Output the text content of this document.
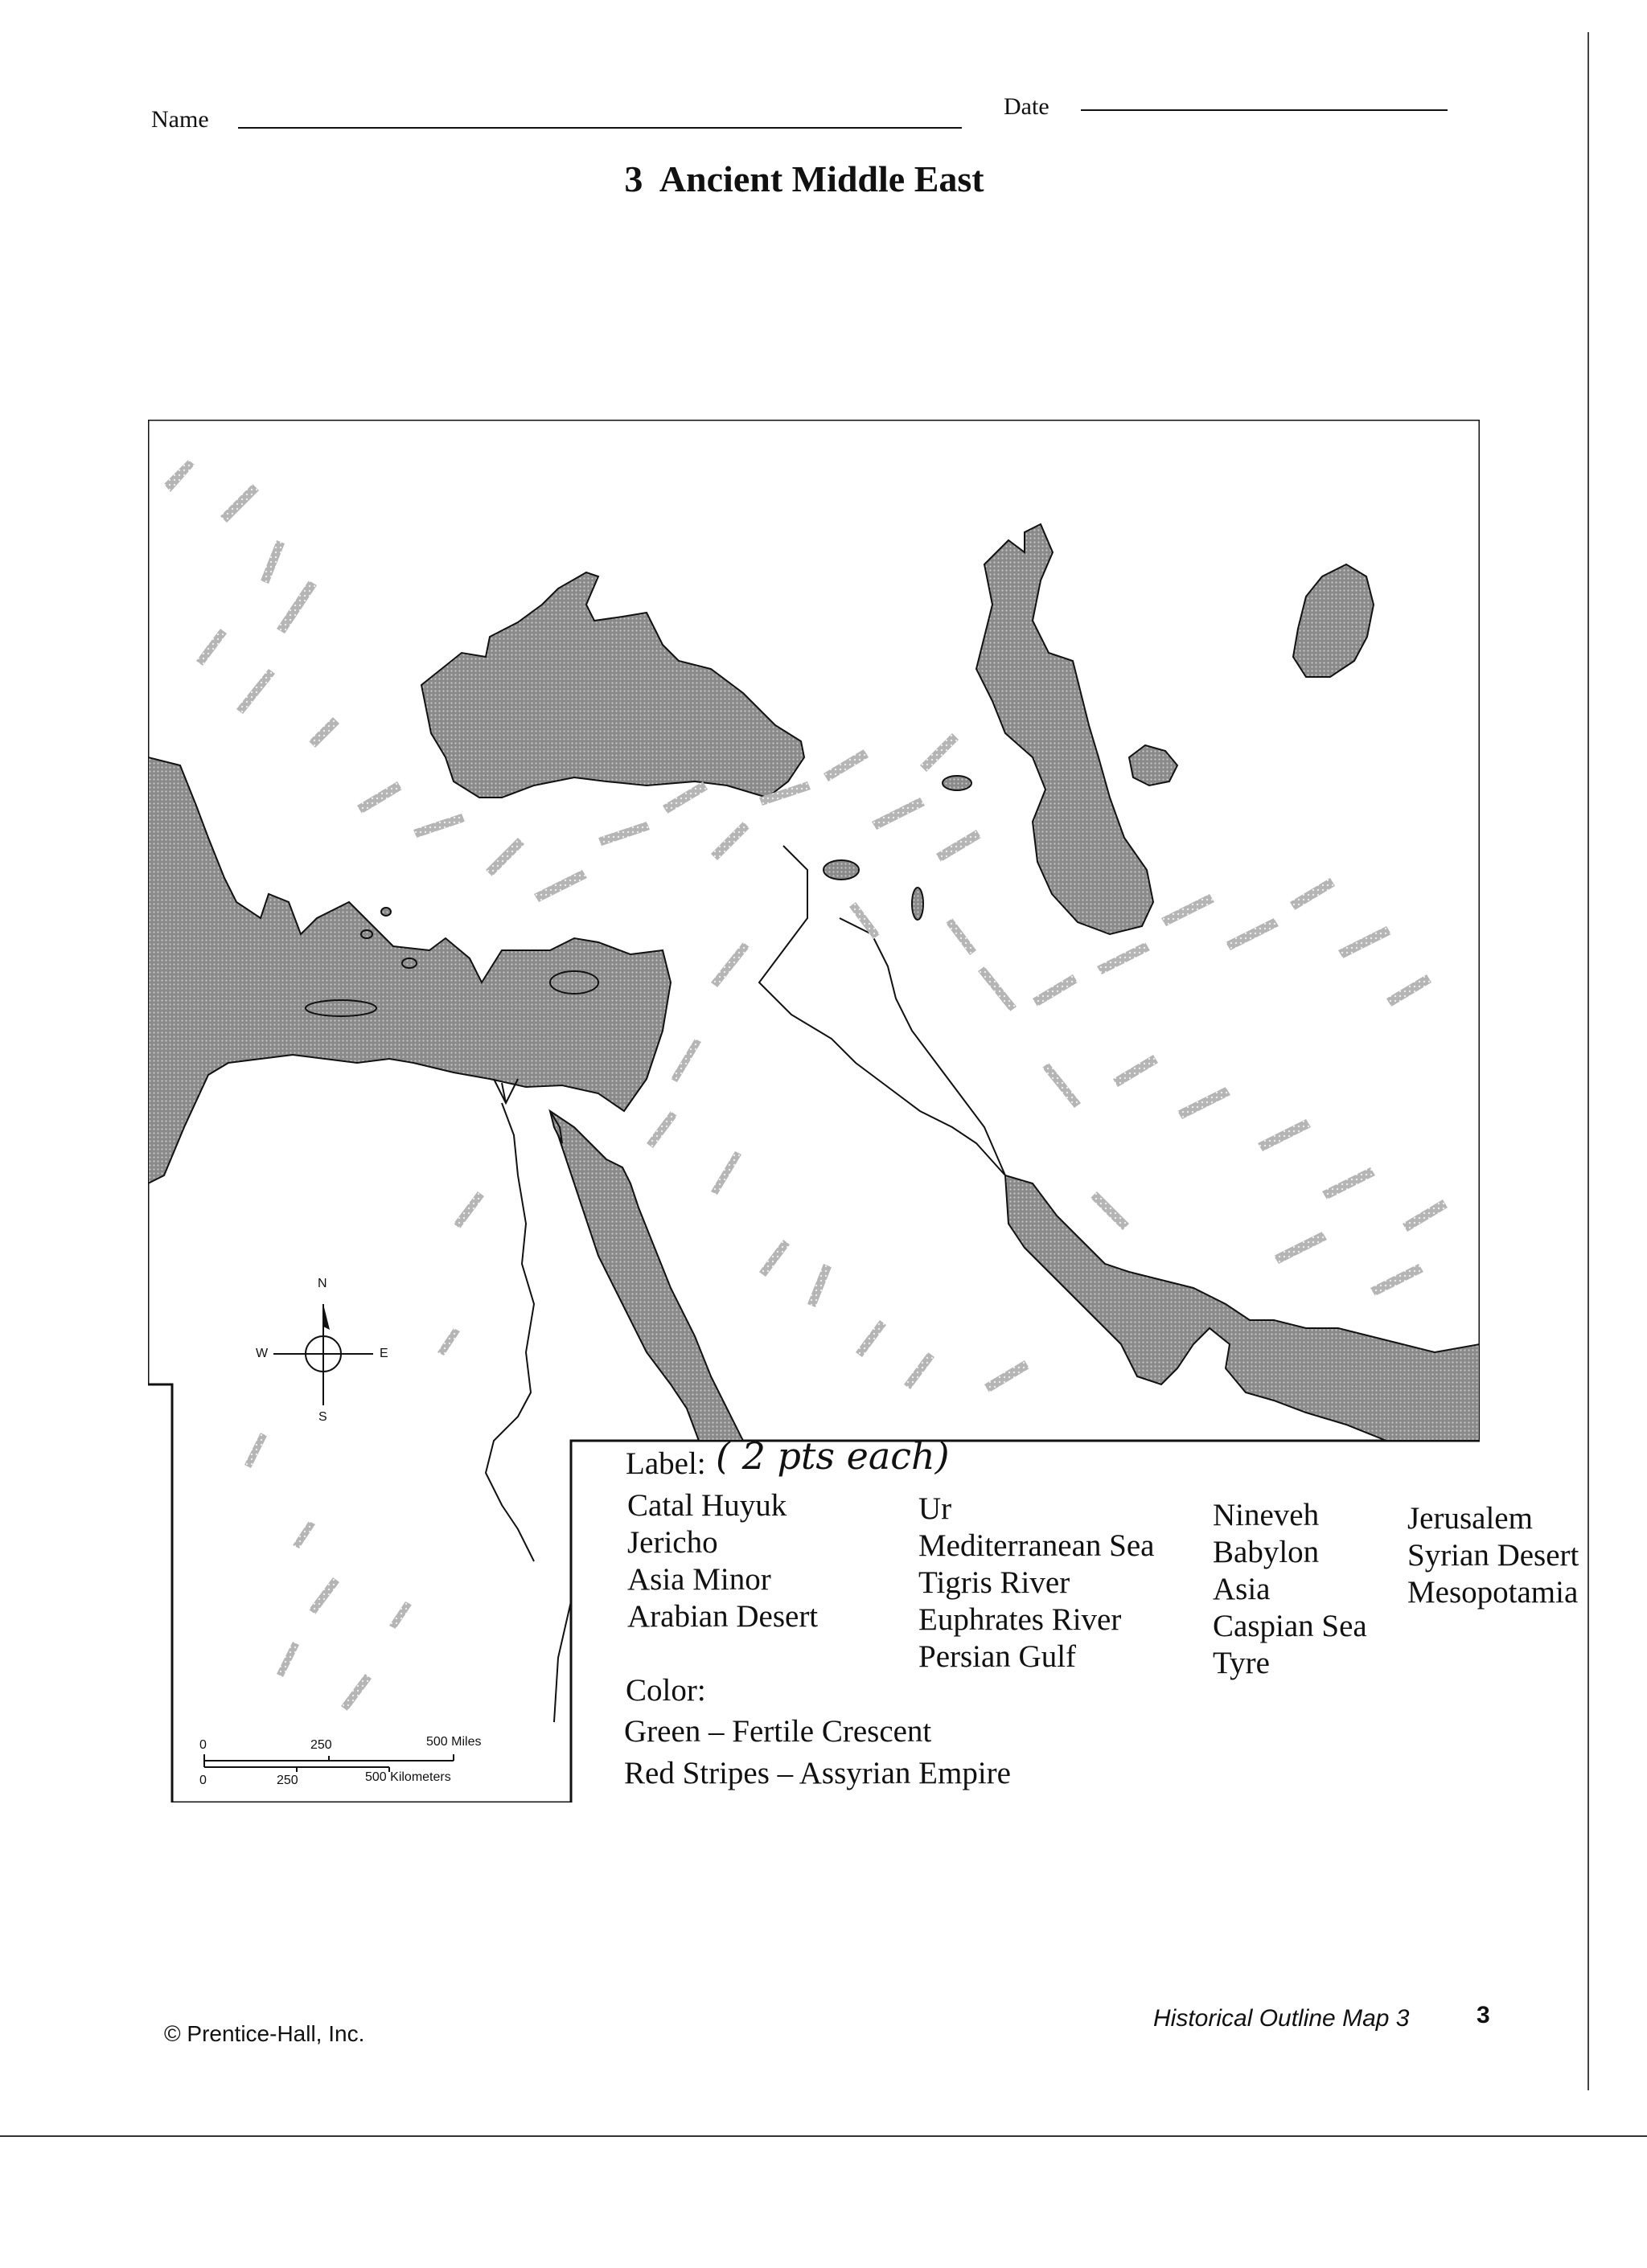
Name	Date
3  Ancient Middle East
N
S
W	E
0	250	500 Miles
0	250	500 Kilometers
Label: ( 2 pts each)
Catal Huyuk
Jericho
Asia Minor
Arabian Desert
Ur
Mediterranean Sea
Tigris River
Euphrates River
Persian Gulf
Nineveh
Babylon
Asia
Caspian Sea
Tyre
Jerusalem
Syrian Desert
Mesopotamia
Color:
Green – Fertile Crescent
Red Stripes – Assyrian Empire
© Prentice-Hall, Inc.
Historical Outline Map 3	3
